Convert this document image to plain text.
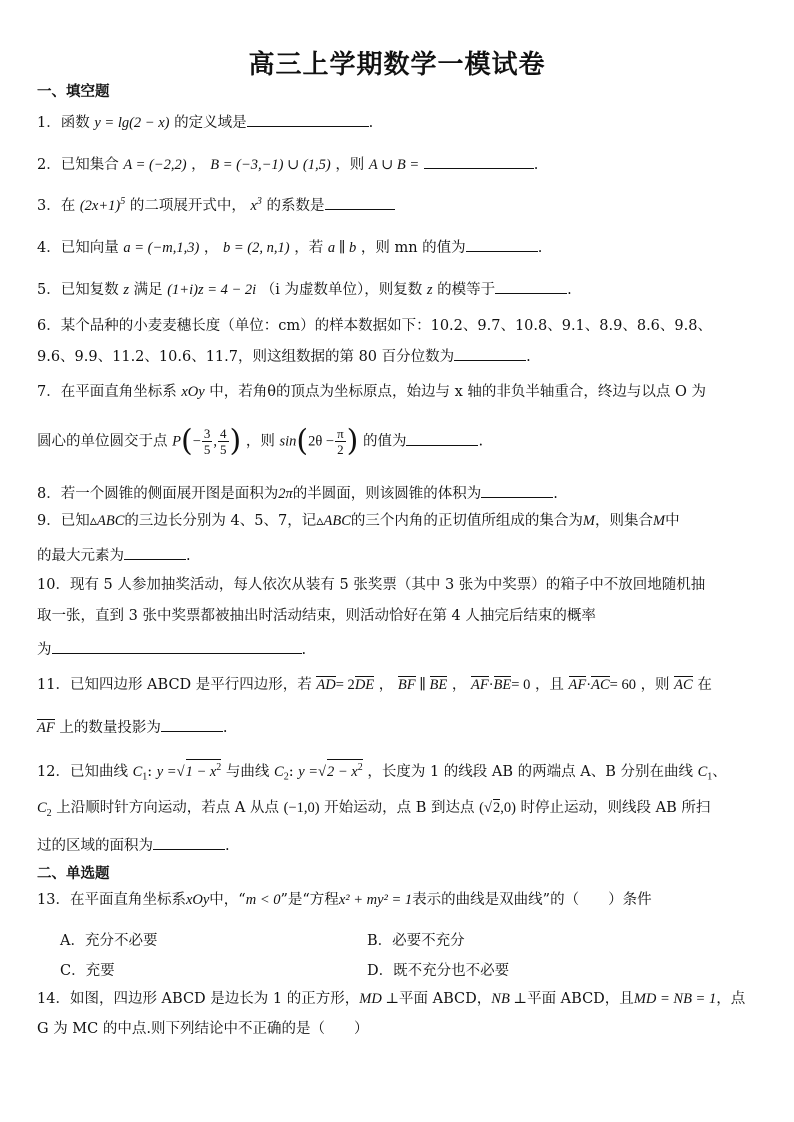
高三上学期数学一模试卷
一、填空题
1．函数 y = lg(2 − x) 的定义域是	.
2．已知集合 A = (−2,2) ， B = (−3,−1) ∪ (1,5) ，则 A ∪ B =	.
3．在 $(2x+1)^5$ 的二项展开式中， $x^3$ 的系数是
4．已知向量 a = (−m,1,3) ， b = (2, n,1) ，若 a ∥ b ，则 mn 的值为	.
5．已知复数 z 满足 (1+i)z = 4 − 2i （i 为虚数单位），则复数 z 的模等于	.
6．某个品种的小麦麦穗长度（单位：cm）的样本数据如下：10.2、9.7、10.8、9.1、8.9、8.6、9.8、
9.6、9.9、11.2、10.6、11.7，则这组数据的第 80 百分位数为	.
7．在平面直角坐标系 xOy 中，若角θ的顶点为坐标原点，始边与 x 轴的非负半轴重合，终边与以点 O 为
圆心的单位圆交于点 $P(- \frac{3}{5}$ , $\frac{4}{5}$ ) ，则 $\sin(2\theta - \frac{\pi}{2}$ ) 的值为	.
8．若一个圆锥的侧面展开图是面积为2π的半圆面，则该圆锥的体积为	.
9．已知▵ABC的三边长分别为 4、5、7，记▵ABC的三个内角的正切值所组成的集合为M，则集合M中
的最大元素为	.
10．现有 5 人参加抽奖活动，每人依次从装有 5 张奖票（其中 3 张为中奖票）的箱子中不放回地随机抽
取一张，直到 3 张中奖票都被抽出时活动结束，则活动恰好在第 4 人抽完后结束的概率
为	.
11．已知四边形 ABCD 是平行四边形，若 AD= 2DE ， BF ∥ BE ， AF·BE= 0 ，且 AF·AC= 60 ，则 AC 在
AF 上的数量投影为	.
12．已知曲线 $C_1$: $y =√1 - x^2$ 与曲线 $C_2$: $y =√2 - x^2$ ，长度为 1 的线段 AB 的两端点 A、B 分别在曲线 $C_1$、
$C_2$ 上沿顺时针方向运动，若点 A 从点 (−1,0) 开始运动，点 B 到达点 (√2,0) 时停止运动，则线段 AB 所扫
过的区域的面积为	.
二、单选题
13．在平面直角坐标系xOy中，“m < 0”是“方程x² + my² = 1表示的曲线是双曲线”的（　　）条件
A．充分不必要	B．必要不充分
C．充要	D．既不充分也不必要
14．如图，四边形 ABCD 是边长为 1 的正方形，MD ⊥平面 ABCD，NB ⊥平面 ABCD，且MD = NB = 1，点
G 为 MC 的中点.则下列结论中不正确的是（　　）
